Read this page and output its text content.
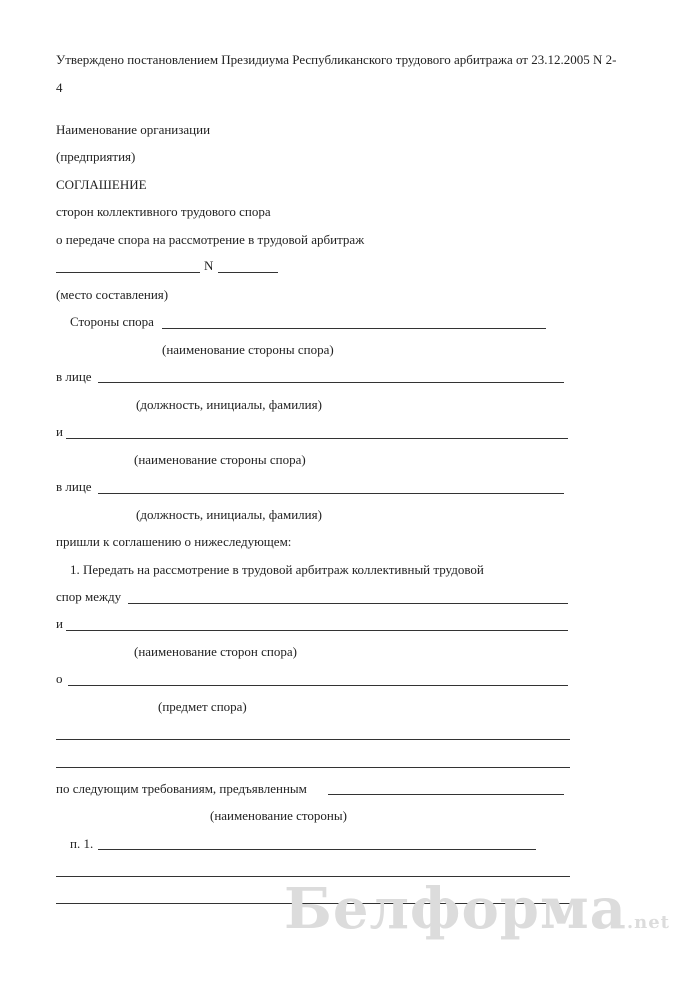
Утверждено постановлением Президиума Республиканского трудового арбитража от 23.12.2005 N 2-
4
Наименование организации
(предприятия)
СОГЛАШЕНИЕ
сторон коллективного трудового спора
о передаче спора на рассмотрение в трудовой арбитраж
N
(место составления)
Стороны спора
(наименование стороны спора)
в лице
(должность, инициалы, фамилия)
и
(наименование стороны спора)
в лице
(должность, инициалы, фамилия)
пришли к соглашению о нижеследующем:
1. Передать на рассмотрение в трудовой арбитраж коллективный трудовой
спор между
и
(наименование сторон спора)
о
(предмет спора)
по следующим требованиям, предъявленным
(наименование стороны)
п. 1.
Белформа.net
